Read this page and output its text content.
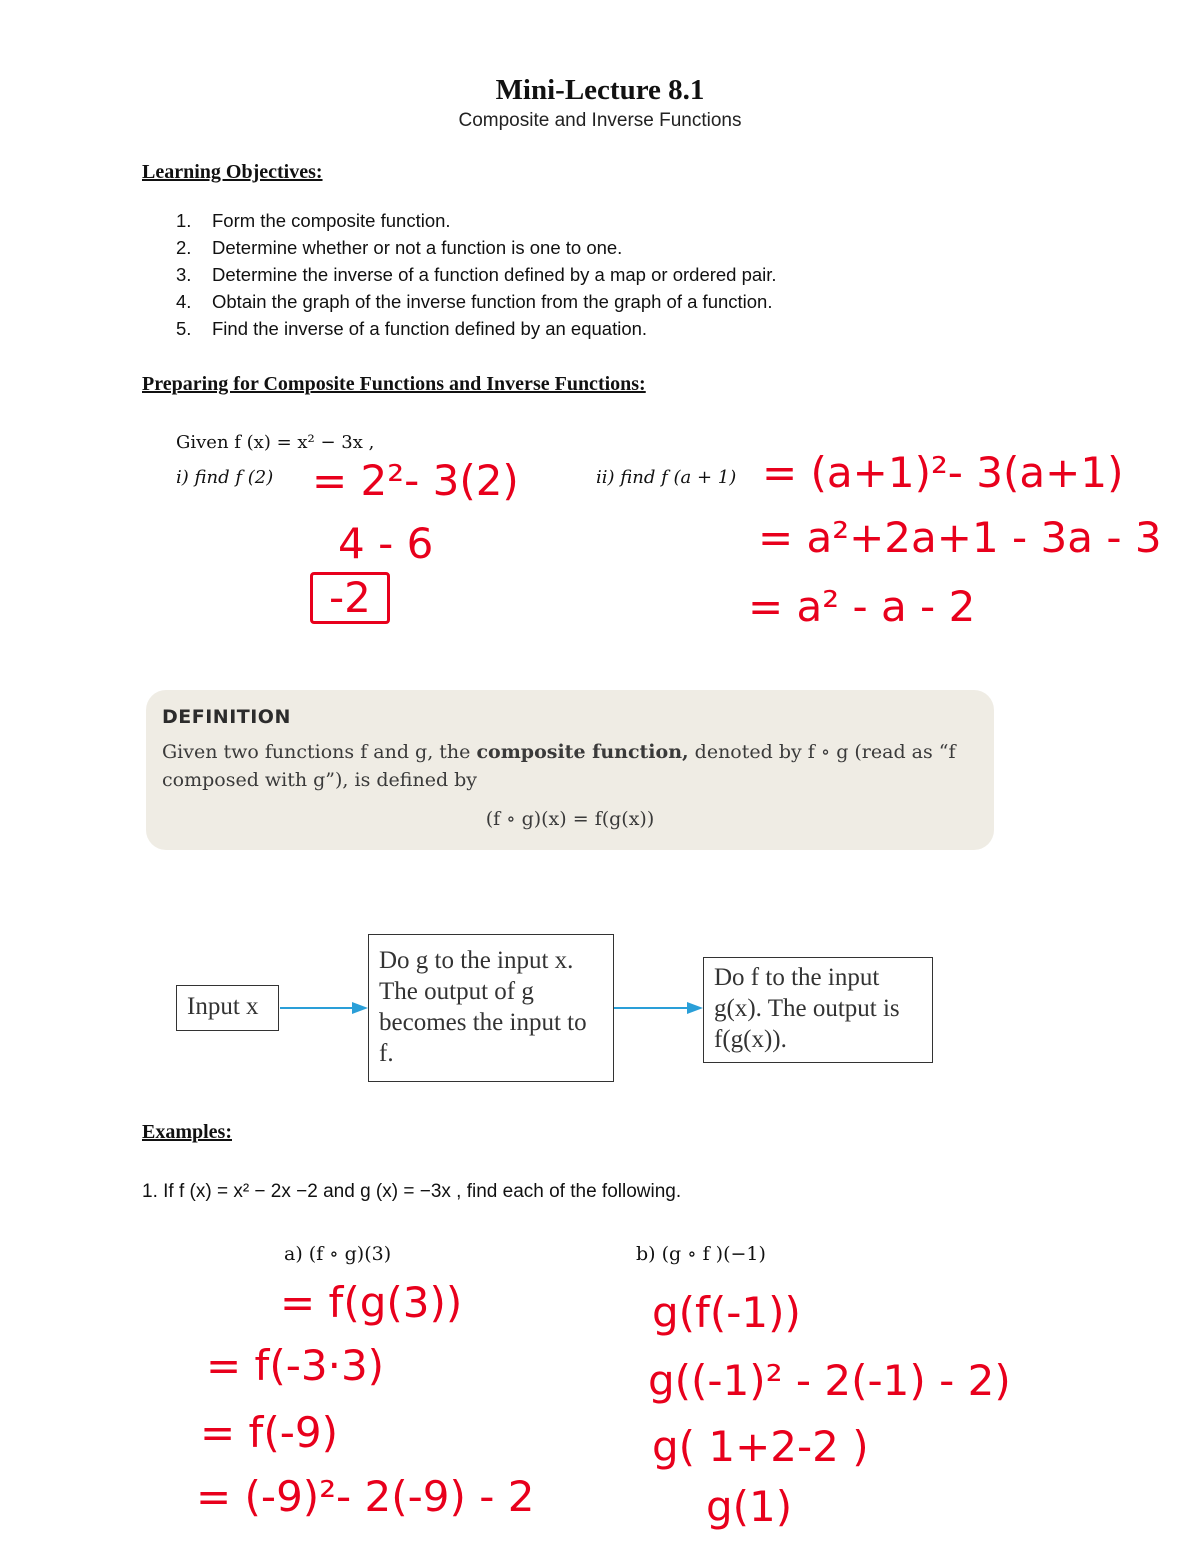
Mini-Lecture 8.1
Composite and Inverse Functions
Learning Objectives:
1. Form the composite function.
2. Determine whether or not a function is one to one.
3. Determine the inverse of a function defined by a map or ordered pair.
4. Obtain the graph of the inverse function from the graph of a function.
5. Find the inverse of a function defined by an equation.
Preparing for Composite Functions and Inverse Functions:
Given f (x) = x² − 3x ,
i) find f (2)	ii) find f (a + 1)
= 2²- 3(2)
4 - 6
-2
= (a+1)²- 3(a+1)
= a²+2a+1 - 3a - 3
= a² - a - 2
DEFINITION
Given two functions f and g, the composite function, denoted by f ∘ g (read as “f composed with g”), is defined by
(f ∘ g)(x) = f(g(x))
Input x
Do g to the input x. The output of g becomes the input to f.
Do f to the input g(x). The output is f(g(x)).
Examples:
1. If f (x) = x² − 2x −2 and g (x) = −3x , find each of the following.
a) (f ∘ g)(3)	b) (g ∘ f )(−1)
= f(g(3))
= f(-3·3)
= f(-9)
= (-9)²- 2(-9) - 2
g(f(-1))
g((-1)² - 2(-1) - 2)
g( 1+2-2 )
g(1)
